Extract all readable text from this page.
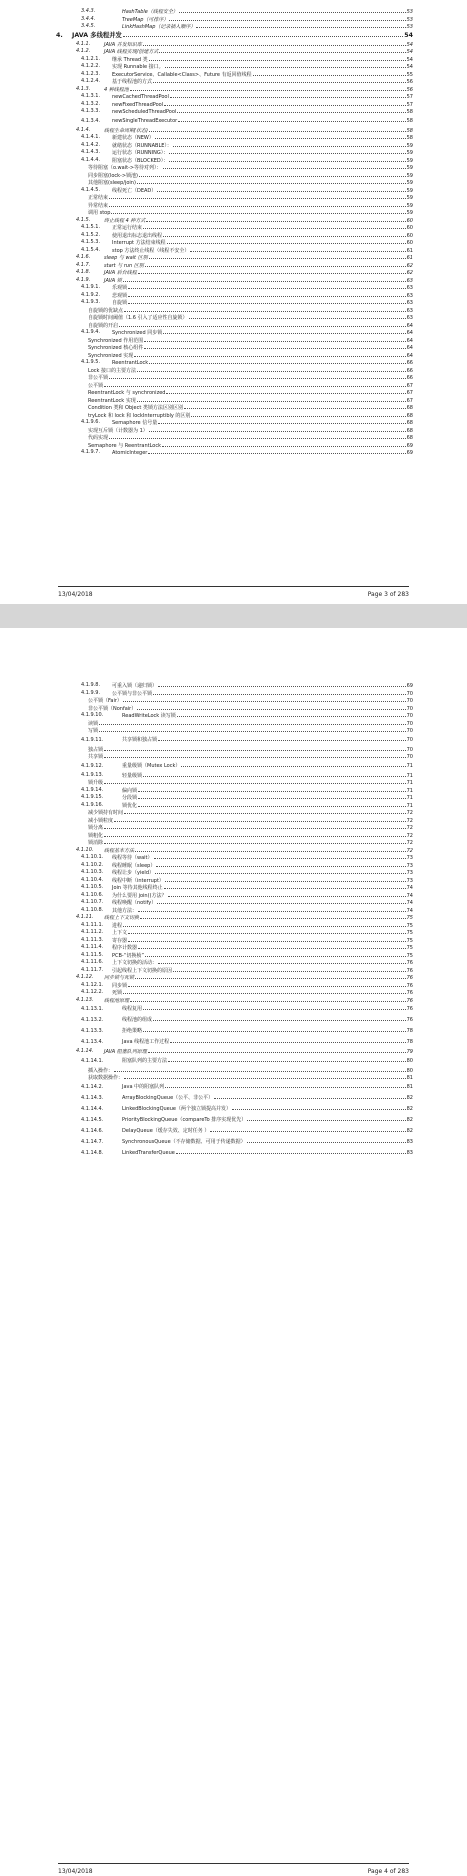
3.4.3.	HashTable（线程安全）	53
3.4.4.	TreeMap（可排序）	53
3.4.5.	LinkHashMap（记录插入顺序）	53
4. JAVA 多线程并发	54
4.1.1.	JAVA 并发知识库	54
4.1.2.	JAVA 线程实现/创建方式	54
4.1.2.1. 继承 Thread 类	54
4.1.2.2. 实现 Runnable 接口。	54
4.1.2.3. ExecutorService、Callable<Class>、Future 有返回值线程	55
4.1.2.4. 基于线程池的方式	56
4.1.3.	4 种线程池	56
4.1.3.1. newCachedThreadPool	57
4.1.3.2. newFixedThreadPool	57
4.1.3.3. newScheduledThreadPool	58
4.1.3.4. newSingleThreadExecutor	58
4.1.4.	线程生命周期(状态)	58
4.1.4.1. 新建状态（NEW）	58
4.1.4.2. 就绪状态（RUNNABLE）：	59
4.1.4.3. 运行状态（RUNNING）：	59
4.1.4.4. 阻塞状态（BLOCKED）：	59
等待阻塞（o.wait->等待对列）：	59
同步阻塞(lock->锁池)	59
其他阻塞(sleep/join)	59
4.1.4.5. 线程死亡（DEAD）	59
正常结束	59
异常结束	59
调用 stop	59
4.1.5.	终止线程 4 种方式	60
4.1.5.1. 正常运行结束	60
4.1.5.2. 使用退出标志退出线程	60
4.1.5.3. Interrupt 方法结束线程	60
4.1.5.4. stop 方法终止线程（线程不安全）	61
4.1.6.	sleep 与 wait 区别	61
4.1.7.	start 与 run 区别	62
4.1.8.	JAVA 后台线程	62
4.1.9.	JAVA 锁	63
4.1.9.1. 乐观锁	63
4.1.9.2. 悲观锁	63
4.1.9.3. 自旋锁	63
自旋锁的优缺点	63
自旋锁时间阈值（1.6 引入了适应性自旋锁）	63
自旋锁的开启	64
4.1.9.4. Synchronized 同步锁	64
Synchronized 作用范围	64
Synchronized 核心组件	64
Synchronized 实现	64
4.1.9.5. ReentrantLock	66
Lock 接口的主要方法	66
非公平锁	66
公平锁	67
ReentrantLock 与 synchronized	67
ReentrantLock 实现	67
Condition 类和 Object 类锁方法区别区别	68
tryLock 和 lock 和 lockInterruptibly 的区别	68
4.1.9.6. Semaphore 信号量	68
实现互斥锁（计数器为 1）	68
代码实现	68
Semaphore 与 ReentrantLock	69
4.1.9.7. AtomicInteger	69
13/04/2018	Page 3 of 283
4.1.9.8. 可重入锁（递归锁）	69
4.1.9.9. 公平锁与非公平锁	70
公平锁（Fair）	70
非公平锁（Nonfair）	70
4.1.9.10.	ReadWriteLock 读写锁	70
读锁	70
写锁	70
4.1.9.11.	共享锁和独占锁	70
独占锁	70
共享锁	70
4.1.9.12.	重量级锁（Mutex Lock）	71
4.1.9.13.	轻量级锁	71
锁升级	71
4.1.9.14.	偏向锁	71
4.1.9.15.	分段锁	71
4.1.9.16.	锁优化	71
减少锁持有时间	72
减小锁粒度	72
锁分离	72
锁粗化	72
锁消除	72
4.1.10. 线程基本方法	72
4.1.10.1. 线程等待（wait）	73
4.1.10.2. 线程睡眠（sleep）	73
4.1.10.3. 线程让步（yield）	73
4.1.10.4. 线程中断（interrupt）	73
4.1.10.5. Join 等待其他线程终止	74
4.1.10.6. 为什么要用 join()方法？	74
4.1.10.7. 线程唤醒（notify）	74
4.1.10.8. 其他方法：	74
4.1.11. 线程上下文切换	75
4.1.11.1. 进程	75
4.1.11.2. 上下文	75
4.1.11.3. 寄存器	75
4.1.11.4. 程序计数器	75
4.1.11.5. PCB-“切换桢”	75
4.1.11.6. 上下文切换的活动：	76
4.1.11.7. 引起线程上下文切换的原因	76
4.1.12. 同步锁与死锁	76
4.1.12.1. 同步锁	76
4.1.12.2. 死锁	76
4.1.13. 线程池原理	76
4.1.13.1.	线程复用	76
4.1.13.2.	线程池的组成	76
4.1.13.3.	拒绝策略	78
4.1.13.4.	Java 线程池工作过程	78
4.1.14. JAVA 阻塞队列原理	79
4.1.14.1.	阻塞队列的主要方法	80
插入操作：	80
获取数据操作：	81
4.1.14.2.	Java 中的阻塞队列	81
4.1.14.3.	ArrayBlockingQueue（公平、非公平）	82
4.1.14.4.	LinkedBlockingQueue（两个独立锁提高并发）	82
4.1.14.5.	PriorityBlockingQueue（compareTo 排序实现优先）	82
4.1.14.6.	DelayQueue（缓存失效、定时任务 ）	82
4.1.14.7.	SynchronousQueue（不存储数据、可用于传递数据）	83
4.1.14.8.	LinkedTransferQueue	83
13/04/2018	Page 4 of 283
